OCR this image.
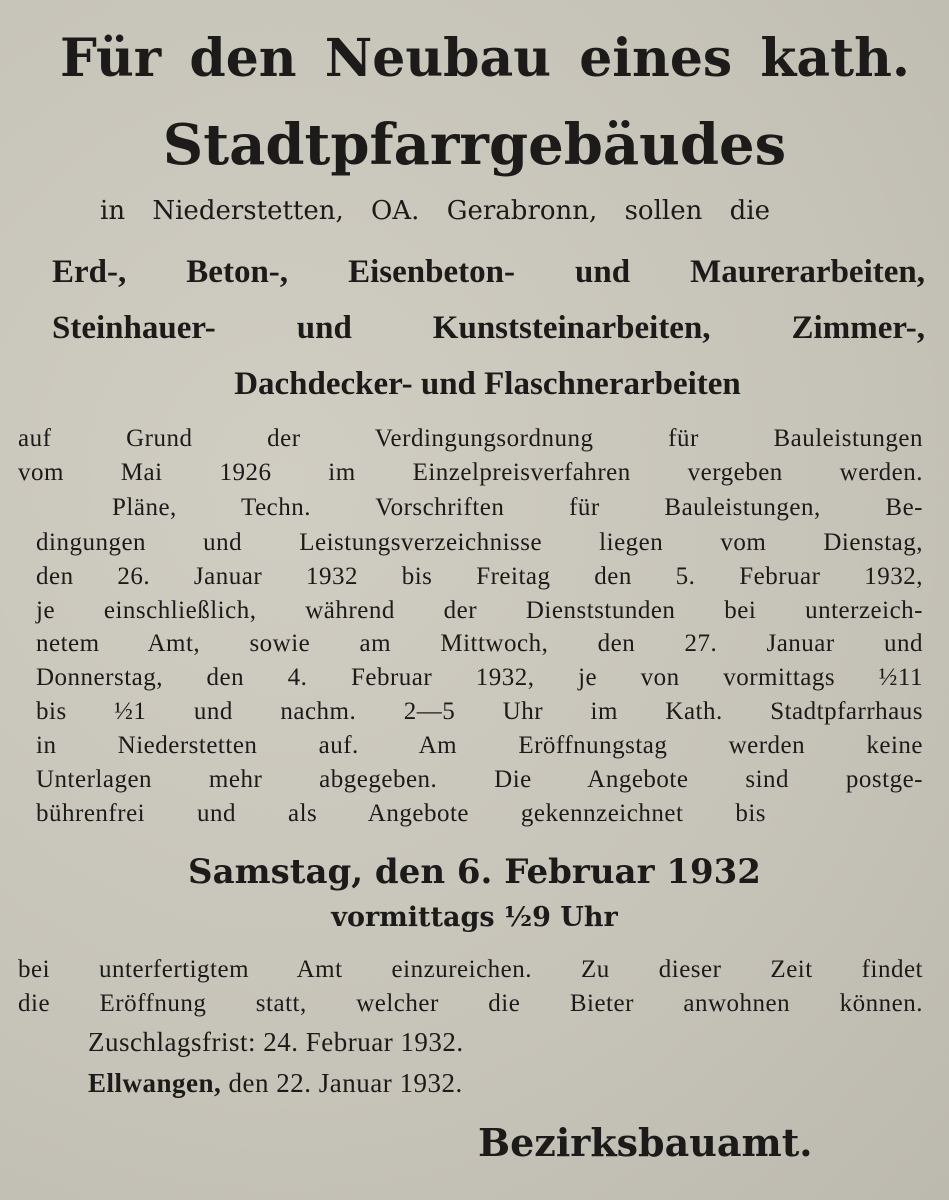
Für den Neubau eines kath.
Stadtpfarrgebäudes
in Niederstetten, OA. Gerabronn, sollen die
Erd-, Beton-, Eisenbeton- und Maurerarbeiten,
Steinhauer- und Kunststeinarbeiten, Zimmer-,
Dachdecker- und Flaschnerarbeiten
auf Grund der Verdingungsordnung für Bauleistungen
vom Mai 1926 im Einzelpreisverfahren vergeben werden.
Pläne, Techn. Vorschriften für Bauleistungen, Be-
dingungen und Leistungsverzeichnisse liegen vom Dienstag,
den 26. Januar 1932 bis Freitag den 5. Februar 1932,
je einschließlich, während der Dienststunden bei unterzeich-
netem Amt, sowie am Mittwoch, den 27. Januar und
Donnerstag, den 4. Februar 1932, je von vormittags ½11
bis ½1 und nachm. 2—5 Uhr im Kath. Stadtpfarrhaus
in Niederstetten auf. Am Eröffnungstag werden keine
Unterlagen mehr abgegeben. Die Angebote sind postge-
bührenfrei und als Angebote gekennzeichnet bis
Samstag, den 6. Februar 1932
vormittags ½9 Uhr
bei unterfertigtem Amt einzureichen. Zu dieser Zeit findet
die Eröffnung statt, welcher die Bieter anwohnen können.
Zuschlagsfrist: 24. Februar 1932.
Ellwangen, den 22. Januar 1932.
Bezirksbauamt.
